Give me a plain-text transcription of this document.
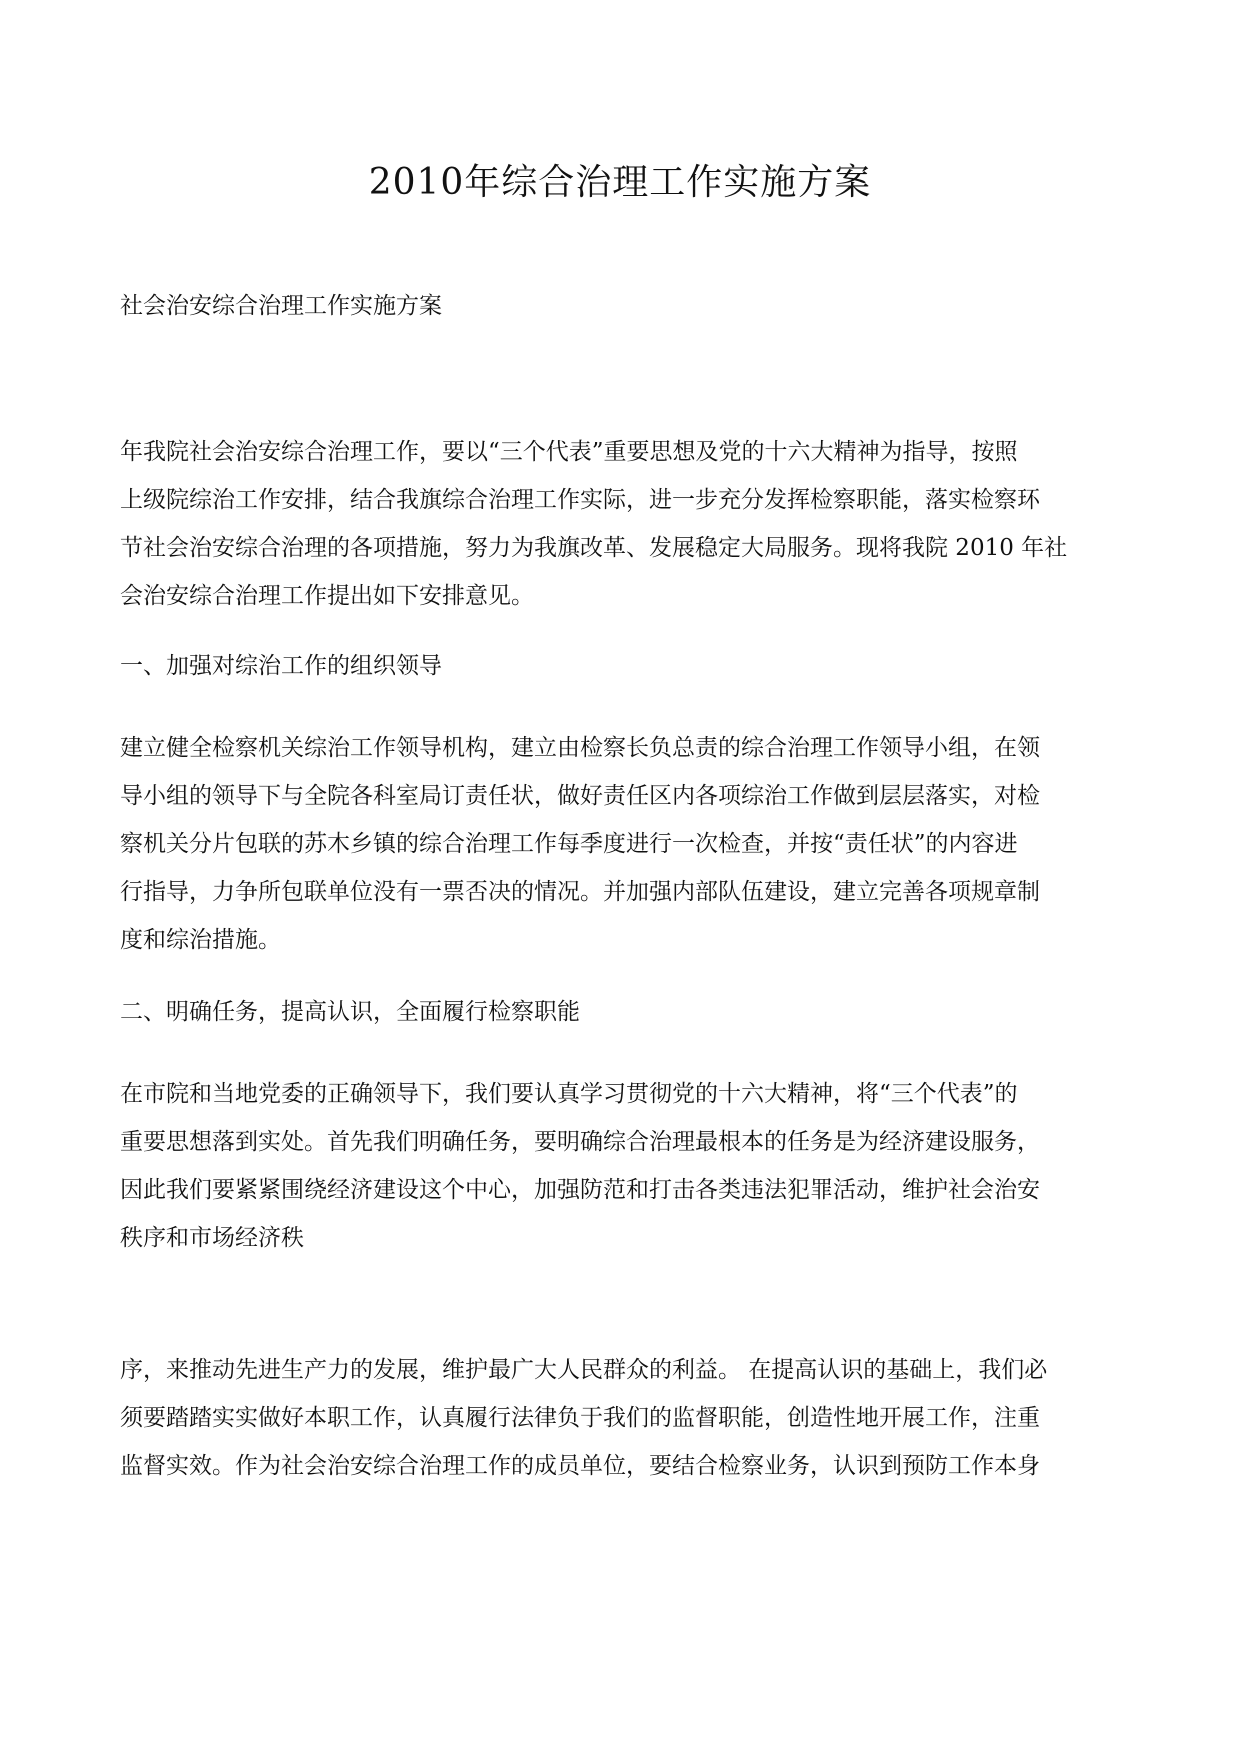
2010年综合治理工作实施方案

社会治安综合治理工作实施方案

年我院社会治安综合治理工作，要以“三个代表”重要思想及党的十六大精神为指导，按照
上级院综治工作安排，结合我旗综合治理工作实际，进一步充分发挥检察职能，落实检察环
节社会治安综合治理的各项措施，努力为我旗改革、发展稳定大局服务。现将我院 2010 年社
会治安综合治理工作提出如下安排意见。

一、加强对综治工作的组织领导

建立健全检察机关综治工作领导机构，建立由检察长负总责的综合治理工作领导小组，在领
导小组的领导下与全院各科室局订责任状，做好责任区内各项综治工作做到层层落实，对检
察机关分片包联的苏木乡镇的综合治理工作每季度进行一次检查，并按“责任状”的内容进
行指导，力争所包联单位没有一票否决的情况。并加强内部队伍建设，建立完善各项规章制
度和综治措施。

二、明确任务，提高认识，全面履行检察职能

在市院和当地党委的正确领导下，我们要认真学习贯彻党的十六大精神，将“三个代表”的
重要思想落到实处。首先我们明确任务，要明确综合治理最根本的任务是为经济建设服务，
因此我们要紧紧围绕经济建设这个中心，加强防范和打击各类违法犯罪活动，维护社会治安
秩序和市场经济秩

序，来推动先进生产力的发展，维护最广大人民群众的利益。 在提高认识的基础上，我们必
须要踏踏实实做好本职工作，认真履行法律负于我们的监督职能，创造性地开展工作，注重
监督实效。作为社会治安综合治理工作的成员单位，要结合检察业务，认识到预防工作本身
